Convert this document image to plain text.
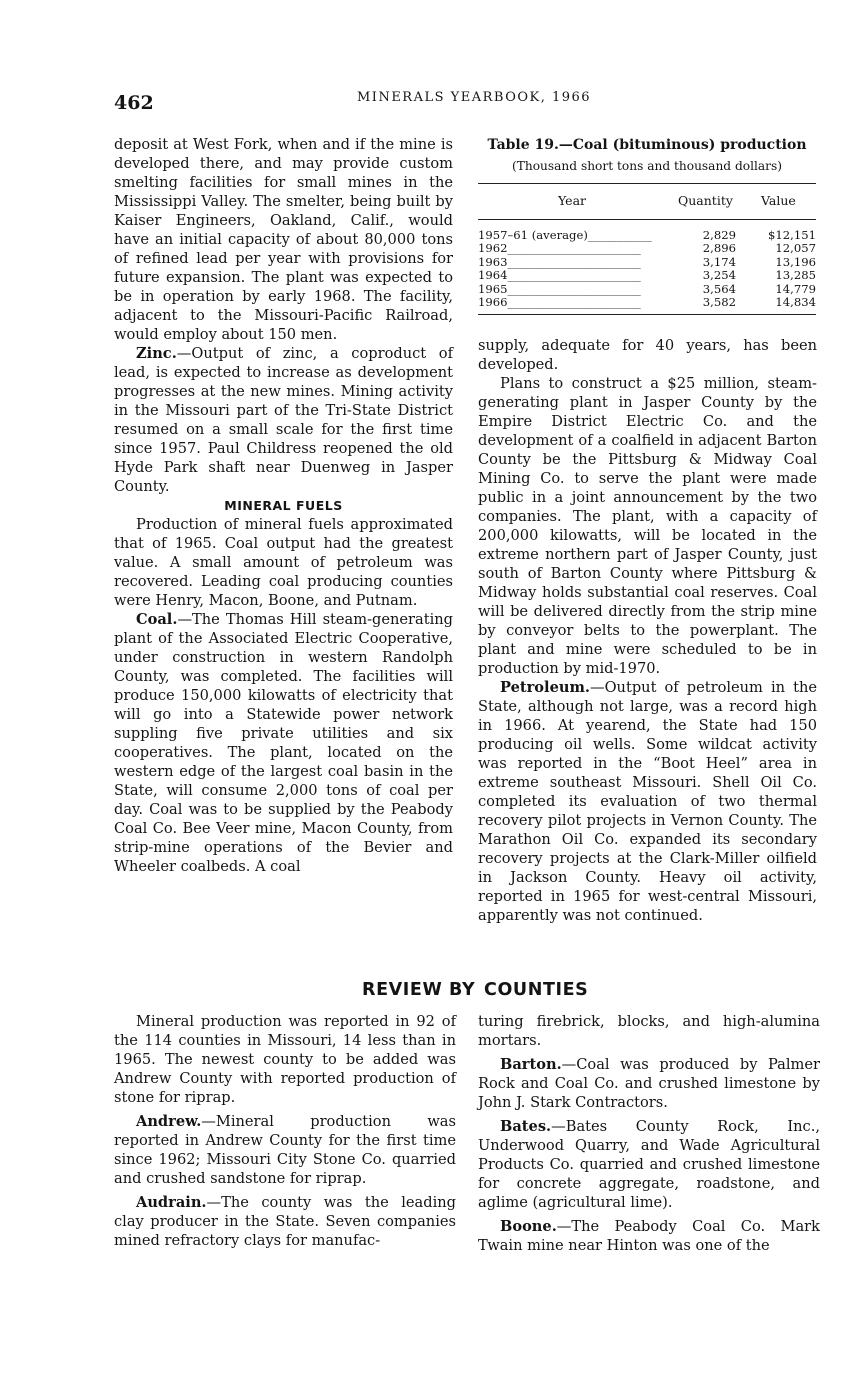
462	MINERALS YEARBOOK, 1966

deposit at West Fork, when and if the mine is developed there, and may provide custom smelting facilities for small mines in the Mississippi Valley. The smelter, being built by Kaiser Engineers, Oakland, Calif., would have an initial capacity of about 80,000 tons of refined lead per year with provisions for future expansion. The plant was expected to be in operation by early 1968. The facility, adjacent to the Missouri-Pacific Railroad, would employ about 150 men.

Zinc.—Output of zinc, a coproduct of lead, is expected to increase as development progresses at the new mines. Mining activity in the Missouri part of the Tri-State District resumed on a small scale for the first time since 1957. Paul Childress reopened the old Hyde Park shaft near Duenweg in Jasper County.

MINERAL FUELS

Production of mineral fuels approximated that of 1965. Coal output had the greatest value. A small amount of petroleum was recovered. Leading coal producing counties were Henry, Macon, Boone, and Putnam.

Coal.—The Thomas Hill steam-generating plant of the Associated Electric Cooperative, under construction in western Randolph County, was completed. The facilities will produce 150,000 kilowatts of electricity that will go into a Statewide power network suppling five private utilities and six cooperatives. The plant, located on the western edge of the largest coal basin in the State, will consume 2,000 tons of coal per day. Coal was to be supplied by the Peabody Coal Co. Bee Veer mine, Macon County, from strip-mine operations of the Bevier and Wheeler coalbeds. A coal

Table 19.—Coal (bituminous) production
(Thousand short tons and thousand dollars)
Year	Quantity Value
1957–61 (average)___________	2,829	$12,151
1962_______________________	2,896	12,057
1963_______________________	3,174	13,196
1964_______________________	3,254	13,285
1965_______________________	3,564	14,779
1966_______________________	3,582	14,834

supply, adequate for 40 years, has been developed.

Plans to construct a $25 million, steam-generating plant in Jasper County by the Empire District Electric Co. and the development of a coalfield in adjacent Barton County be the Pittsburg & Midway Coal Mining Co. to serve the plant were made public in a joint announcement by the two companies. The plant, with a capacity of 200,000 kilowatts, will be located in the extreme northern part of Jasper County, just south of Barton County where Pittsburg & Midway holds substantial coal reserves. Coal will be delivered directly from the strip mine by conveyor belts to the powerplant. The plant and mine were scheduled to be in production by mid-1970.

Petroleum.—Output of petroleum in the State, although not large, was a record high in 1966. At yearend, the State had 150 producing oil wells. Some wildcat activity was reported in the “Boot Heel” area in extreme southeast Missouri. Shell Oil Co. completed its evaluation of two thermal recovery pilot projects in Vernon County. The Marathon Oil Co. expanded its secondary recovery projects at the Clark-Miller oilfield in Jackson County. Heavy oil activity, reported in 1965 for west-central Missouri, apparently was not continued.

REVIEW BY COUNTIES

Mineral production was reported in 92 of the 114 counties in Missouri, 14 less than in 1965. The newest county to be added was Andrew County with reported production of stone for riprap.

Andrew.—Mineral production was reported in Andrew County for the first time since 1962; Missouri City Stone Co. quarried and crushed sandstone for riprap.

Audrain.—The county was the leading clay producer in the State. Seven companies mined refractory clays for manufac-

turing firebrick, blocks, and high-alumina mortars.

Barton.—Coal was produced by Palmer Rock and Coal Co. and crushed limestone by John J. Stark Contractors.

Bates.—Bates County Rock, Inc., Underwood Quarry, and Wade Agricultural Products Co. quarried and crushed limestone for concrete aggregate, roadstone, and aglime (agricultural lime).

Boone.—The Peabody Coal Co. Mark Twain mine near Hinton was one of the
